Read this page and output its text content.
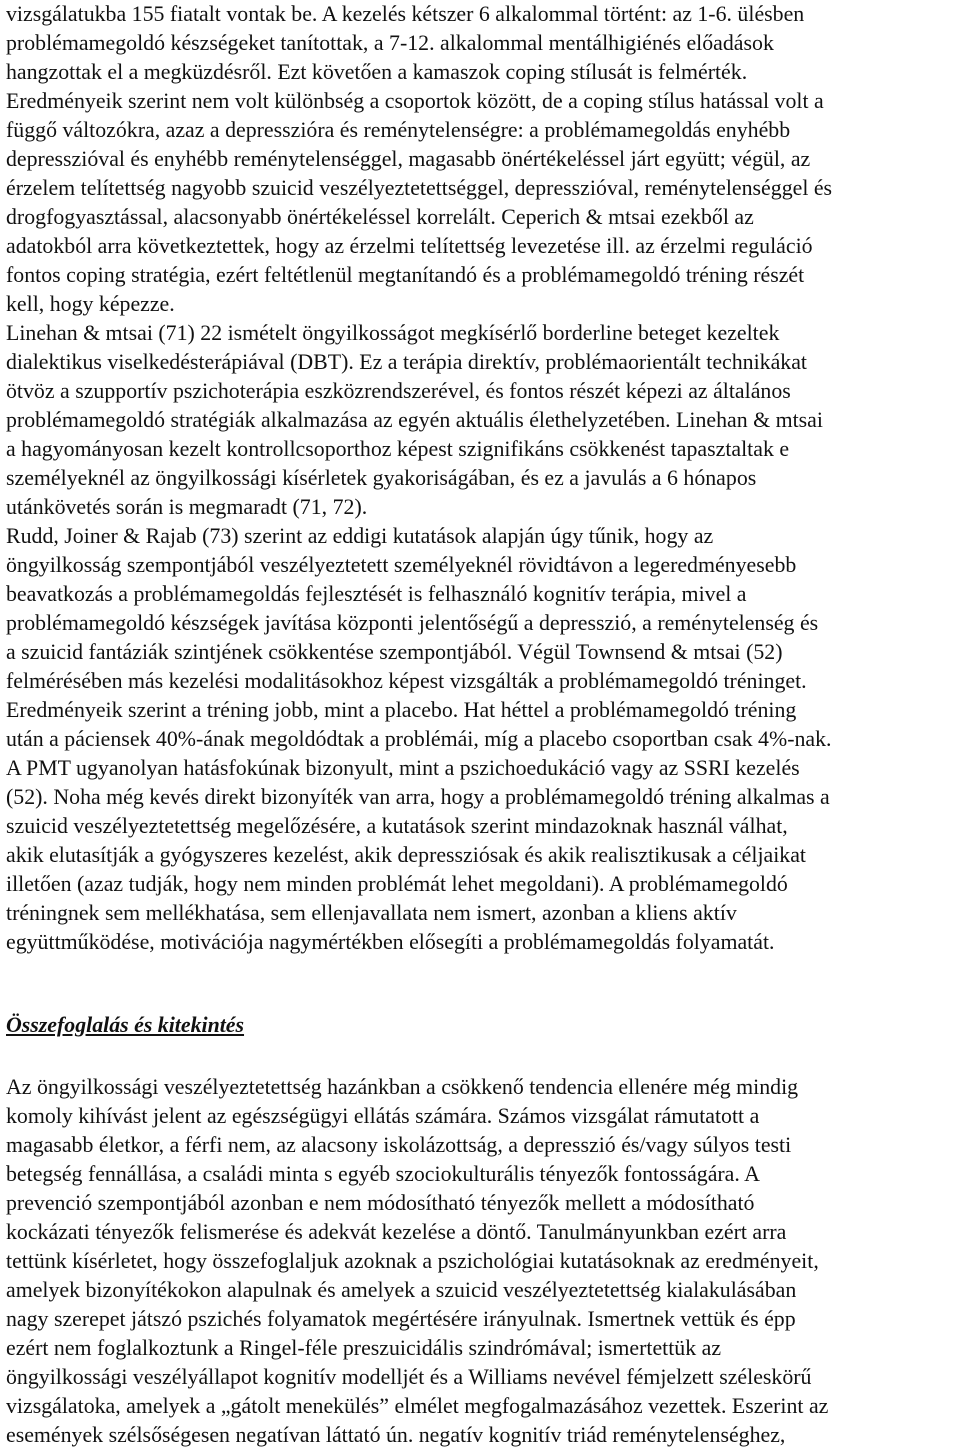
vizsgálatukba 155 fiatalt vontak be. A kezelés kétszer 6 alkalommal történt: az 1-6. ülésben
problémamegoldó készségeket tanítottak, a 7-12. alkalommal mentálhigiénés előadások
hangzottak el a megküzdésről. Ezt követően a kamaszok coping stílusát is felmérték.
Eredményeik szerint nem volt különbség a csoportok között, de a coping stílus hatással volt a
függő változókra, azaz a depresszióra és reménytelenségre: a problémamegoldás enyhébb
depresszióval és enyhébb reménytelenséggel, magasabb önértékeléssel járt együtt; végül, az
érzelem telítettség nagyobb szuicid veszélyeztetettséggel, depresszióval, reménytelenséggel és
drogfogyasztással, alacsonyabb önértékeléssel korrelált. Ceperich & mtsai ezekből az
adatokból arra következtettek, hogy az érzelmi telítettség levezetése ill. az érzelmi reguláció
fontos coping stratégia, ezért feltétlenül megtanítandó és a problémamegoldó tréning részét
kell, hogy képezze.
Linehan & mtsai (71) 22 ismételt öngyilkosságot megkísérlő borderline beteget kezeltek
dialektikus viselkedésterápiával (DBT). Ez a terápia direktív, problémaorientált technikákat
ötvöz a szupportív pszichoterápia eszközrendszerével, és fontos részét képezi az általános
problémamegoldó stratégiák alkalmazása az egyén aktuális élethelyzetében. Linehan & mtsai
a hagyományosan kezelt kontrollcsoporthoz képest szignifikáns csökkenést tapasztaltak e
személyeknél az öngyilkossági kísérletek gyakoriságában, és ez a javulás a 6 hónapos
utánkövetés során is megmaradt (71, 72).
Rudd, Joiner & Rajab (73) szerint az eddigi kutatások alapján úgy tűnik, hogy az
öngyilkosság szempontjából veszélyeztetett személyeknél rövidtávon a legeredményesebb
beavatkozás a problémamegoldás fejlesztését is felhasználó kognitív terápia, mivel a
problémamegoldó készségek javítása központi jelentőségű a depresszió, a reménytelenség és
a szuicid fantáziák szintjének csökkentése szempontjából. Végül Townsend & mtsai (52)
felmérésében más kezelési modalitásokhoz képest vizsgálták a problémamegoldó tréninget.
Eredményeik szerint a tréning jobb, mint a placebo. Hat héttel a problémamegoldó tréning
után a páciensek 40%-ának megoldódtak a problémái, míg a placebo csoportban csak 4%-nak.
A PMT ugyanolyan hatásfokúnak bizonyult, mint a pszichoedukáció vagy az SSRI kezelés
(52). Noha még kevés direkt bizonyíték van arra, hogy a problémamegoldó tréning alkalmas a
szuicid veszélyeztetettség megelőzésére, a kutatások szerint mindazoknak használ válhat,
akik elutasítják a gyógyszeres kezelést, akik depressziósak és akik realisztikusak a céljaikat
illetően (azaz tudják, hogy nem minden problémát lehet megoldani). A problémamegoldó
tréningnek sem mellékhatása, sem ellenjavallata nem ismert, azonban a kliens aktív
együttműködése, motivációja nagymértékben elősegíti a problémamegoldás folyamatát.
Összefoglalás és kitekintés
Az öngyilkossági veszélyeztetettség hazánkban a csökkenő tendencia ellenére még mindig
komoly kihívást jelent az egészségügyi ellátás számára. Számos vizsgálat rámutatott a
magasabb életkor, a férfi nem, az alacsony iskolázottság, a depresszió és/vagy súlyos testi
betegség fennállása, a családi minta s egyéb szociokulturális tényezők fontosságára. A
prevenció szempontjából azonban e nem módosítható tényezők mellett a módosítható
kockázati tényezők felismerése és adekvát kezelése a döntő. Tanulmányunkban ezért arra
tettünk kísérletet, hogy összefoglaljuk azoknak a pszichológiai kutatásoknak az eredményeit,
amelyek bizonyítékokon alapulnak és amelyek a szuicid veszélyeztetettség kialakulásában
nagy szerepet játszó pszichés folyamatok megértésére irányulnak. Ismertnek vettük és épp
ezért nem foglalkoztunk a Ringel-féle preszuicidális szindrómával; ismertettük az
öngyilkossági veszélyállapot kognitív modelljét és a Williams nevével fémjelzett széleskörű
vizsgálatoka, amelyek a „gátolt menekülés” elmélet megfogalmazásához vezettek. Eszerint az
események szélsőségesen negatívan láttató ún. negatív kognitív triád reménytelenséghez,
